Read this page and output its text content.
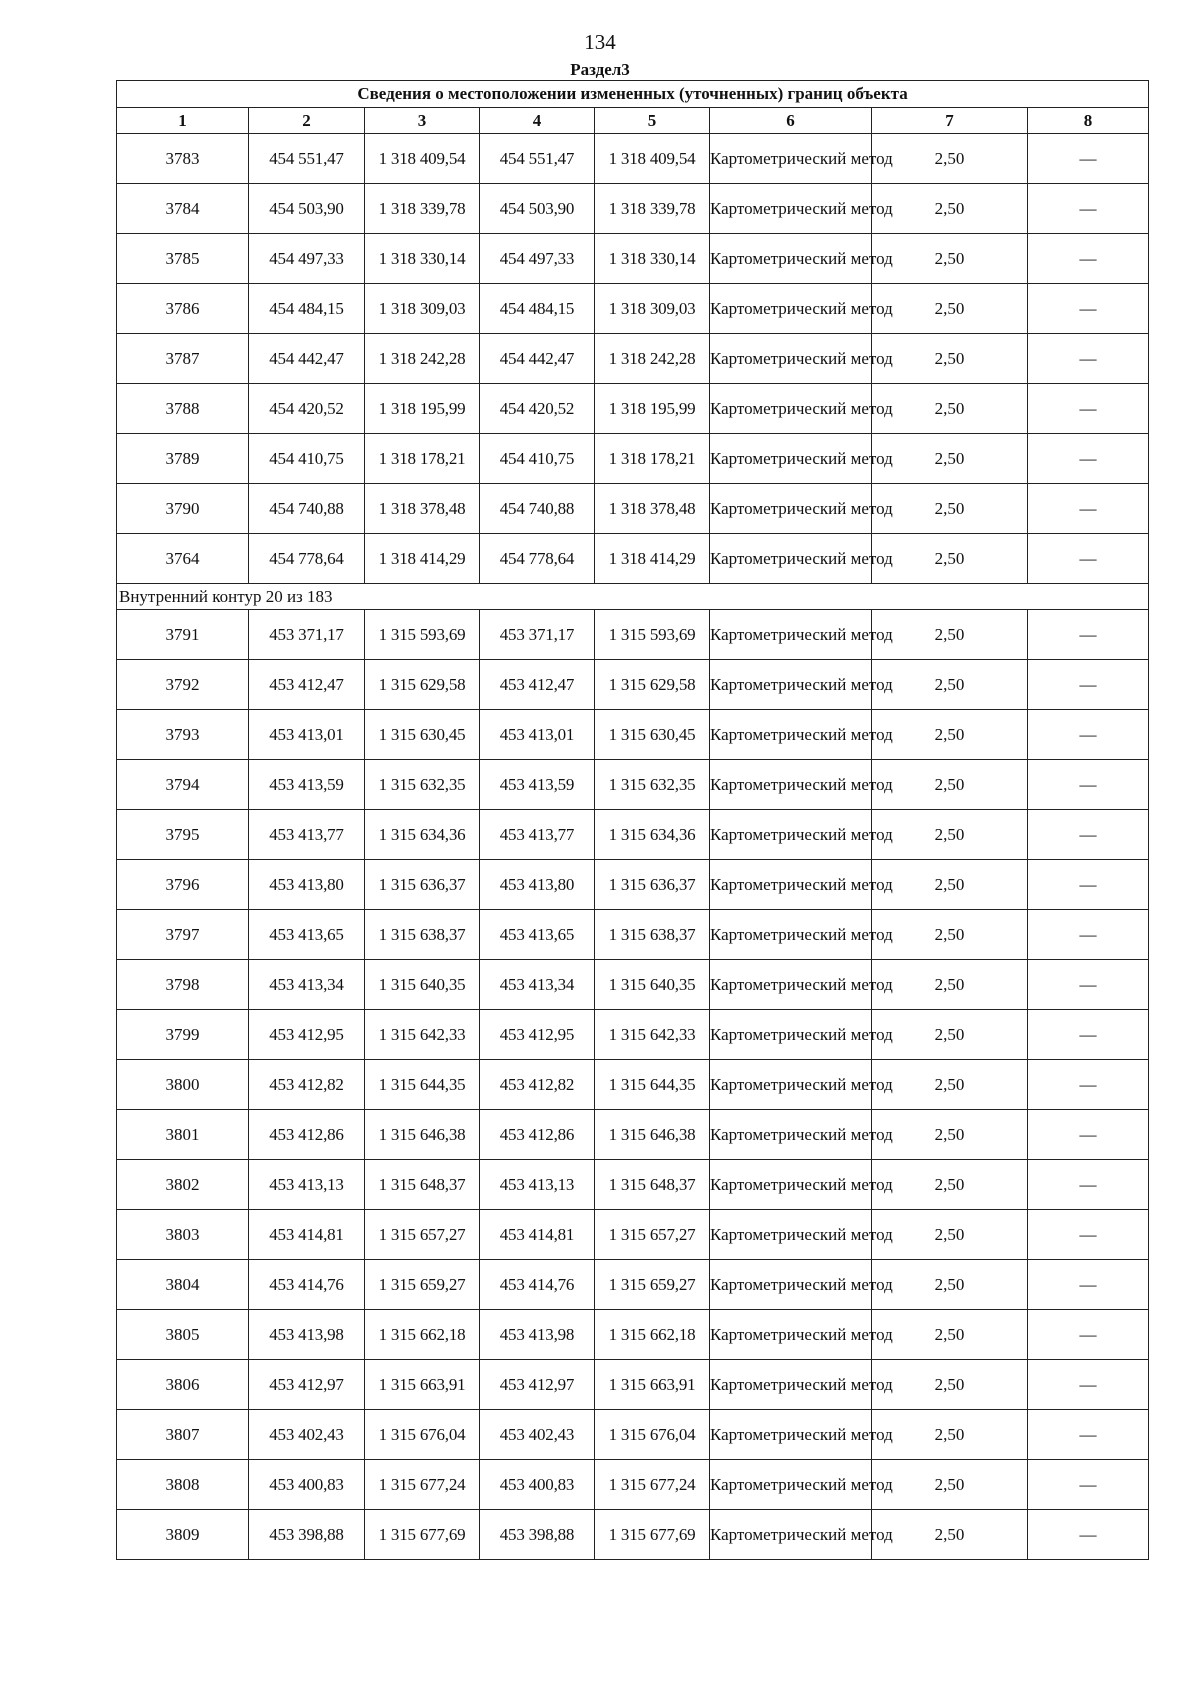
134
Раздел3
Сведения о местоположении измененных (уточненных) границ объекта							
1	2	3	4	5	6	7	8
3783	454 551,47	1 318 409,54	454 551,47	1 318 409,54	Картометрический метод	2,50	—
3784	454 503,90	1 318 339,78	454 503,90	1 318 339,78	Картометрический метод	2,50	—
3785	454 497,33	1 318 330,14	454 497,33	1 318 330,14	Картометрический метод	2,50	—
3786	454 484,15	1 318 309,03	454 484,15	1 318 309,03	Картометрический метод	2,50	—
3787	454 442,47	1 318 242,28	454 442,47	1 318 242,28	Картометрический метод	2,50	—
3788	454 420,52	1 318 195,99	454 420,52	1 318 195,99	Картометрический метод	2,50	—
3789	454 410,75	1 318 178,21	454 410,75	1 318 178,21	Картометрический метод	2,50	—
3790	454 740,88	1 318 378,48	454 740,88	1 318 378,48	Картометрический метод	2,50	—
3764	454 778,64	1 318 414,29	454 778,64	1 318 414,29	Картометрический метод	2,50	—
Внутренний контур 20 из 183							
3791	453 371,17	1 315 593,69	453 371,17	1 315 593,69	Картометрический метод	2,50	—
3792	453 412,47	1 315 629,58	453 412,47	1 315 629,58	Картометрический метод	2,50	—
3793	453 413,01	1 315 630,45	453 413,01	1 315 630,45	Картометрический метод	2,50	—
3794	453 413,59	1 315 632,35	453 413,59	1 315 632,35	Картометрический метод	2,50	—
3795	453 413,77	1 315 634,36	453 413,77	1 315 634,36	Картометрический метод	2,50	—
3796	453 413,80	1 315 636,37	453 413,80	1 315 636,37	Картометрический метод	2,50	—
3797	453 413,65	1 315 638,37	453 413,65	1 315 638,37	Картометрический метод	2,50	—
3798	453 413,34	1 315 640,35	453 413,34	1 315 640,35	Картометрический метод	2,50	—
3799	453 412,95	1 315 642,33	453 412,95	1 315 642,33	Картометрический метод	2,50	—
3800	453 412,82	1 315 644,35	453 412,82	1 315 644,35	Картометрический метод	2,50	—
3801	453 412,86	1 315 646,38	453 412,86	1 315 646,38	Картометрический метод	2,50	—
3802	453 413,13	1 315 648,37	453 413,13	1 315 648,37	Картометрический метод	2,50	—
3803	453 414,81	1 315 657,27	453 414,81	1 315 657,27	Картометрический метод	2,50	—
3804	453 414,76	1 315 659,27	453 414,76	1 315 659,27	Картометрический метод	2,50	—
3805	453 413,98	1 315 662,18	453 413,98	1 315 662,18	Картометрический метод	2,50	—
3806	453 412,97	1 315 663,91	453 412,97	1 315 663,91	Картометрический метод	2,50	—
3807	453 402,43	1 315 676,04	453 402,43	1 315 676,04	Картометрический метод	2,50	—
3808	453 400,83	1 315 677,24	453 400,83	1 315 677,24	Картометрический метод	2,50	—
3809	453 398,88	1 315 677,69	453 398,88	1 315 677,69	Картометрический метод	2,50	—
